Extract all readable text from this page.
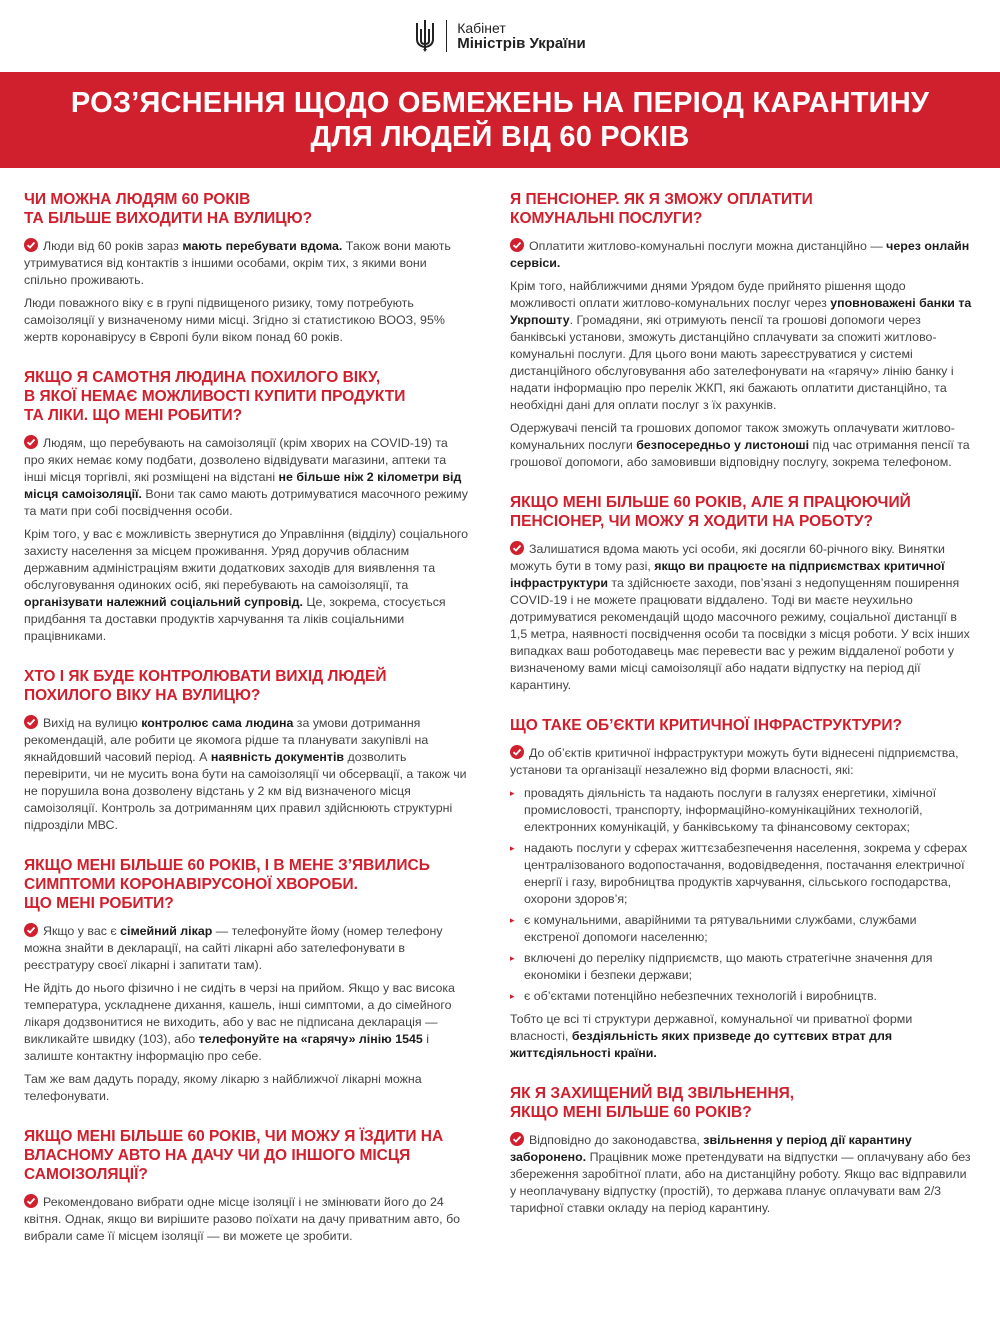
Кабінет
Міністрів України
РОЗ’ЯСНЕННЯ ЩОДО ОБМЕЖЕНЬ НА ПЕРІОД КАРАНТИНУ
ДЛЯ ЛЮДЕЙ ВІД 60 РОКІВ
ЧИ МОЖНА ЛЮДЯМ 60 РОКІВ
ТА БІЛЬШЕ ВИХОДИТИ НА ВУЛИЦЮ?

Люди від 60 років зараз мають перебувати вдома. Також вони мають утримуватися від контактів з іншими особами, окрім тих, з якими вони спільно проживають.

Люди поважного віку є в групі підвищеного ризику, тому потребують самоізоляції у визначеному ними місці. Згідно зі статистикою ВООЗ, 95% жертв коронавірусу в Європі були віком понад 60 років.

ЯКЩО Я САМОТНЯ ЛЮДИНА ПОХИЛОГО ВІКУ,
В ЯКОЇ НЕМАЄ МОЖЛИВОСТІ КУПИТИ ПРОДУКТИ
ТА ЛІКИ. ЩО МЕНІ РОБИТИ?

Людям, що перебувають на самоізоляції (крім хворих на COVID-19) та про яких немає кому подбати, дозволено відвідувати магазини, аптеки та інші місця торгівлі, які розміщені на відстані не більше ніж 2 кілометри від місця самоізоляції. Вони так само мають дотримуватися масочного режиму та мати при собі посвідчення особи.

Крім того, у вас є можливість звернутися до Управління (відділу) соціального захисту населення за місцем проживання. Уряд доручив обласним державним адміністраціям вжити додаткових заходів для виявлення та обслуговування одиноких осіб, які перебувають на самоізоляції, та організувати належний соціальний супровід. Це, зокрема, стосується придбання та доставки продуктів харчування та ліків соціальними працівниками.

ХТО І ЯК БУДЕ КОНТРОЛЮВАТИ ВИХІД ЛЮДЕЙ
ПОХИЛОГО ВІКУ НА ВУЛИЦЮ?

Вихід на вулицю контролює сама людина за умови дотримання рекомендацій, але робити це якомога рідше та планувати закупівлі на якнайдовший часовий період. А наявність документів дозволить перевірити, чи не мусить вона бути на самоізоляції чи обсервації, а також чи не порушила вона дозволену відстань у 2 км від визначеного місця самоізоляції. Контроль за дотриманням цих правил здійснюють структурні підрозділи МВС.

ЯКЩО МЕНІ БІЛЬШЕ 60 РОКІВ, І В МЕНЕ З’ЯВИЛИСЬ
СИМПТОМИ КОРОНАВІРУСОНОЇ ХВОРОБИ.
ЩО МЕНІ РОБИТИ?

Якщо у вас є сімейний лікар — телефонуйте йому (номер телефону можна знайти в декларації, на сайті лікарні або зателефонувати в реєстратуру своєї лікарні і запитати там).

Не йдіть до нього фізично і не сидіть в черзі на прийом. Якщо у вас висока температура, ускладнене дихання, кашель, інші симптоми, а до сімейного лікаря додзвонитися не виходить, або у вас не підписана декларація — викликайте швидку (103), або телефонуйте на «гарячу» лінію 1545 і залиште контактну інформацію про себе.

Там же вам дадуть пораду, якому лікарю з найближчої лікарні можна телефонувати.

ЯКЩО МЕНІ БІЛЬШЕ 60 РОКІВ, ЧИ МОЖУ Я ЇЗДИТИ НА
ВЛАСНОМУ АВТО НА ДАЧУ ЧИ ДО ІНШОГО МІСЦЯ
САМОІЗОЛЯЦІЇ?

Рекомендовано вибрати одне місце ізоляції і не змінювати його до 24 квітня. Однак, якщо ви вирішите разово поїхати на дачу приватним авто, бо вибрали саме її місцем ізоляції — ви можете це зробити.

Я ПЕНСІОНЕР. ЯК Я ЗМОЖУ ОПЛАТИТИ
КОМУНАЛЬНІ ПОСЛУГИ?

Оплатити житлово-комунальні послуги можна дистанційно — через онлайн сервіси.

Крім того, найближчими днями Урядом буде прийнято рішення щодо можливості оплати житлово-комунальних послуг через уповноважені банки та Укрпошту. Громадяни, які отримують пенсії та грошові допомоги через банківські установи, зможуть дистанційно сплачувати за спожиті житлово-комунальні послуги. Для цього вони мають зареєструватися у системі дистанційного обслуговування або зателефонувати на «гарячу» лінію банку і надати інформацію про перелік ЖКП, які бажають оплатити дистанційно, та необхідні дані для оплати послуг з їх рахунків.

Одержувачі пенсій та грошових допомог також зможуть оплачувати житлово-комунальних послуги безпосередньо у листоноші під час отримання пенсії та грошової допомоги, або замовивши відповідну послугу, зокрема телефоном.

ЯКЩО МЕНІ БІЛЬШЕ 60 РОКІВ, АЛЕ Я ПРАЦЮЮЧИЙ
ПЕНСІОНЕР, ЧИ МОЖУ Я ХОДИТИ НА РОБОТУ?

Залишатися вдома мають усі особи, які досягли 60-річного віку. Винятки можуть бути в тому разі, якщо ви працюєте на підприємствах критичної інфраструктури та здійснюєте заходи, пов’язані з недопущенням поширення COVID-19 і не можете працювати віддалено. Тоді ви маєте неухильно дотримуватися рекомендацій щодо масочного режиму, соціальної дистанції в 1,5 метра, наявності посвідчення особи та посвідки з місця роботи. У всіх інших випадках ваш роботодавець має перевести вас у режим віддаленої роботи у визначеному вами місці самоізоляції або надати відпустку на період дії карантину.

ЩО ТАКЕ ОБ’ЄКТИ КРИТИЧНОЇ ІНФРАСТРУКТУРИ?

До об’єктів критичної інфраструктури можуть бути віднесені підприємства, установи та організації незалежно від форми власності, які:

▸ провадять діяльність та надають послуги в галузях енергетики, хімічної промисловості, транспорту, інформаційно-комунікаційних технологій, електронних комунікацій, у банківському та фінансовому секторах;

▸ надають послуги у сферах життєзабезпечення населення, зокрема у сферах централізованого водопостачання, водовідведення, постачання електричної енергії і газу, виробництва продуктів харчування, сільського господарства, охорони здоров’я;

▸ є комунальними, аварійними та рятувальними службами, службами екстреної допомоги населенню;

▸ включені до переліку підприємств, що мають стратегічне значення для економіки і безпеки держави;

▸ є об’єктами потенційно небезпечних технологій і виробництв.

Тобто це всі ті структури державної, комунальної чи приватної форми власності, бездіяльність яких призведе до суттєвих втрат для життєдіяльності країни.

ЯК Я ЗАХИЩЕНИЙ ВІД ЗВІЛЬНЕННЯ,
ЯКЩО МЕНІ БІЛЬШЕ 60 РОКІВ?

Відповідно до законодавства, звільнення у період дії карантину заборонено. Працівник може претендувати на відпустки — оплачувану або без збереження заробітної плати, або на дистанційну роботу. Якщо вас відправили у неоплачувану відпустку (простій), то держава планує оплачувати вам 2/3 тарифної ставки окладу на період карантину.
